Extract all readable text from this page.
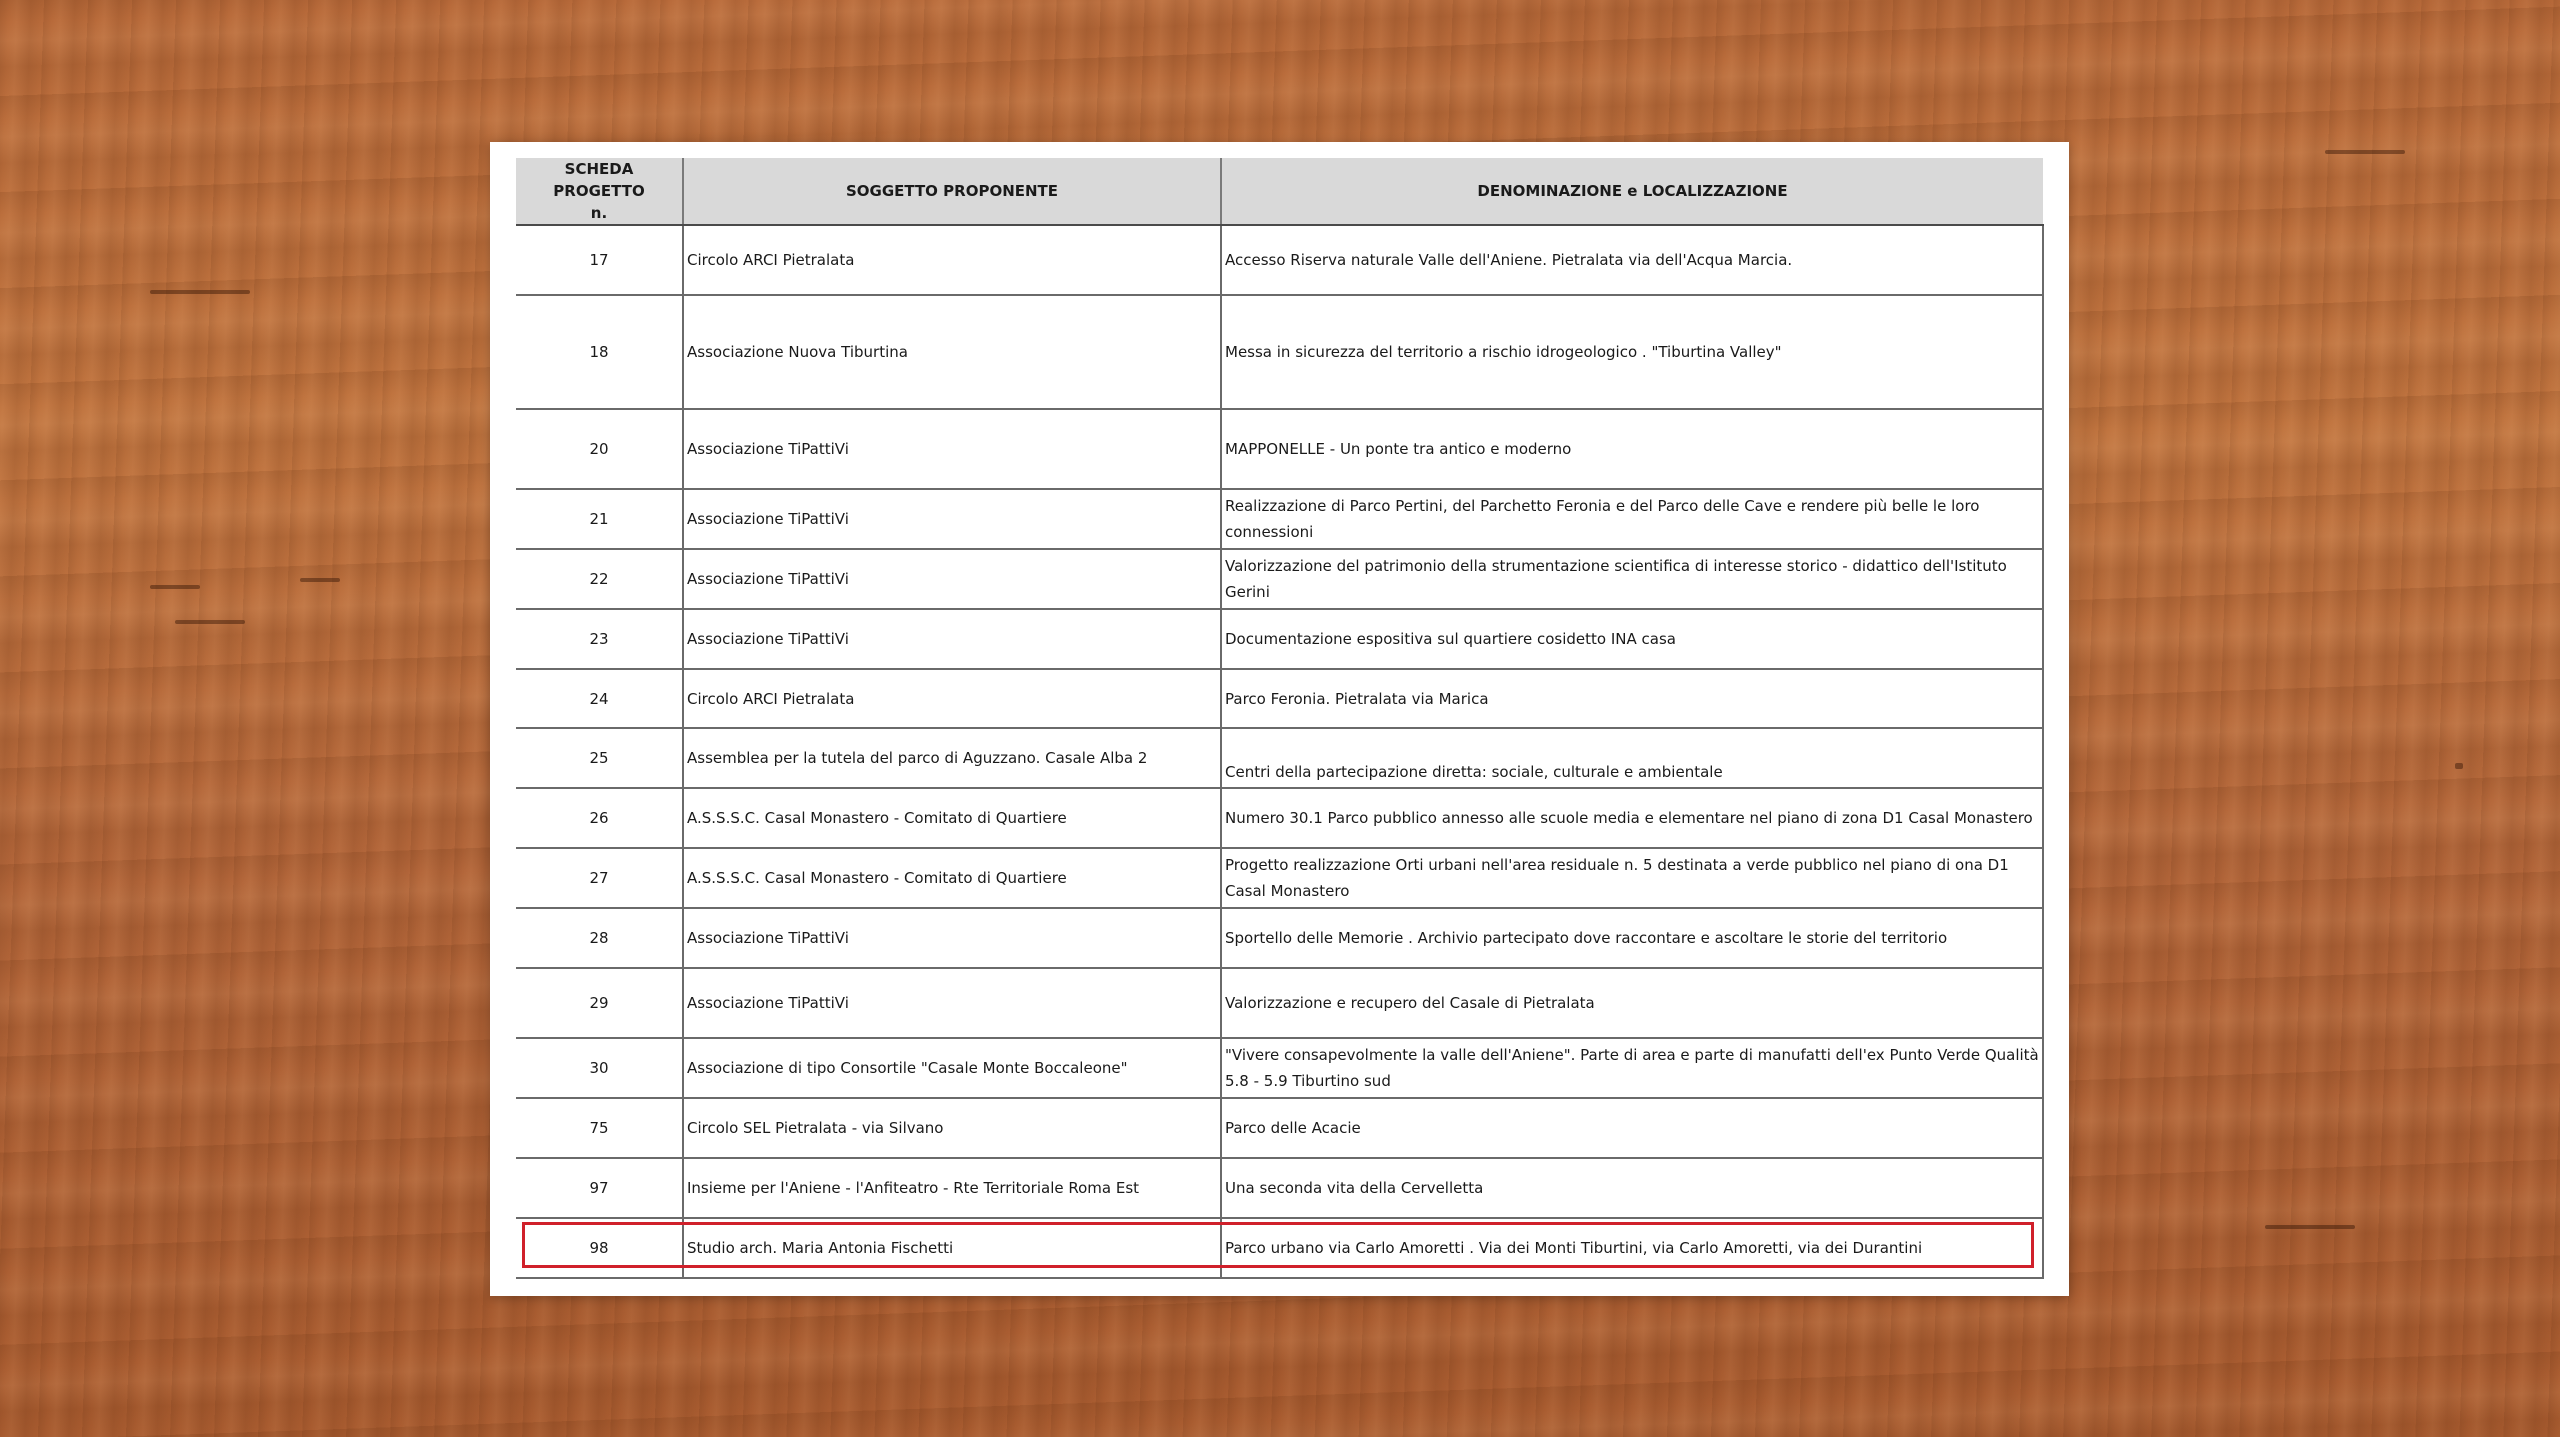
SCHEDA PROGETTO
n.	SOGGETTO PROPONENTE	DENOMINAZIONE e LOCALIZZAZIONE
17	Circolo ARCI Pietralata	Accesso Riserva naturale Valle dell'Aniene. Pietralata via dell'Acqua Marcia.
18	Associazione Nuova Tiburtina	Messa in sicurezza del territorio a rischio idrogeologico . "Tiburtina Valley"
20	Associazione TiPattiVi	MAPPONELLE - Un ponte tra antico e moderno
21	Associazione TiPattiVi	Realizzazione di Parco Pertini, del Parchetto Feronia e del Parco delle Cave e rendere più belle le loro connessioni
22	Associazione TiPattiVi	Valorizzazione del patrimonio della strumentazione scientifica di interesse storico - didattico dell'Istituto Gerini
23	Associazione TiPattiVi	Documentazione espositiva sul quartiere cosidetto INA casa
24	Circolo ARCI Pietralata	Parco Feronia. Pietralata via Marica
25	Assemblea per la tutela del parco di Aguzzano. Casale Alba 2	Centri della partecipazione diretta: sociale, culturale e ambientale
26	A.S.S.S.C. Casal Monastero - Comitato di Quartiere	Numero 30.1 Parco pubblico annesso alle scuole media e elementare nel piano di zona D1 Casal Monastero
27	A.S.S.S.C. Casal Monastero - Comitato di Quartiere	Progetto realizzazione Orti urbani nell'area residuale n. 5 destinata a verde pubblico nel piano di ona D1 Casal Monastero
28	Associazione TiPattiVi	Sportello delle Memorie . Archivio partecipato dove raccontare e ascoltare le storie del territorio
29	Associazione TiPattiVi	Valorizzazione e recupero del Casale di Pietralata
30	Associazione di tipo Consortile "Casale Monte Boccaleone"	"Vivere consapevolmente la valle dell'Aniene". Parte di area e parte di manufatti dell'ex Punto Verde Qualità 5.8 - 5.9 Tiburtino sud
75	Circolo SEL Pietralata - via Silvano	Parco delle Acacie
97	Insieme per l'Aniene - l'Anfiteatro - Rte Territoriale Roma Est	Una seconda vita della Cervelletta
98	Studio arch. Maria Antonia Fischetti	Parco urbano via Carlo Amoretti . Via dei Monti Tiburtini, via Carlo Amoretti, via dei Durantini
